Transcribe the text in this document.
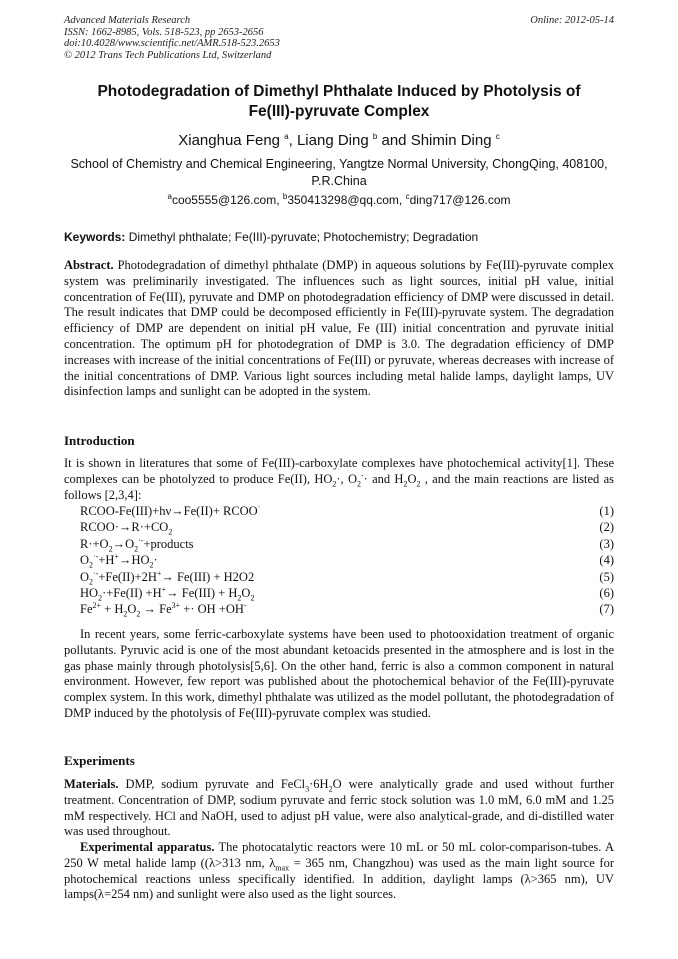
Advanced Materials Research
ISSN: 1662-8985, Vols. 518-523, pp 2653-2656
doi:10.4028/www.scientific.net/AMR.518-523.2653
© 2012 Trans Tech Publications Ltd, Switzerland
Online: 2012-05-14
Photodegradation of Dimethyl Phthalate Induced by Photolysis of
Fe(III)-pyruvate Complex
Xianghua Feng $^a$, Liang Ding $^b$ and Shimin Ding $^c$
School of Chemistry and Chemical Engineering, Yangtze Normal University, ChongQing, 408100,
P.R.China
$^a$coo5555@126.com, $^b$350413298@qq.com, $^c$ding717@126.com
Keywords: Dimethyl phthalate; Fe(III)-pyruvate; Photochemistry; Degradation
Abstract. Photodegradation of dimethyl phthalate (DMP) in aqueous solutions by Fe(III)-pyruvate complex system was preliminarily investigated. The influences such as light sources, initial pH value, initial concentration of Fe(III), pyruvate and DMP on photodegradation efficiency of DMP were discussed in detail. The result indicates that DMP could be decomposed efficiently in Fe(III)-pyruvate system. The degradation efficiency of DMP are dependent on initial pH value, Fe (III) initial concentration and pyruvate initial concentration. The optimum pH for photodegration of DMP is 3.0. The degradation efficiency of DMP increases with increase of the initial concentrations of Fe(III) or pyruvate, whereas decreases with increase of the initial concentrations of DMP. Various light sources including metal halide lamps, daylight lamps, UV disinfection lamps and sunlight can be adopted in the system.
Introduction
It is shown in literatures that some of Fe(III)-carboxylate complexes have photochemical activity[1]. These complexes can be photolyzed to produce Fe(II), $HO_2\cdot$, $O_2^-\cdot$ and $H_2O_2$ , and the main reactions are listed as follows [2,3,4]:
RCOO-Fe(III)+hν→Fe(II)+ RCOO·	(1)
$RCOO\cdot\to R\cdot+CO_2$	(2)
$R\cdot+O_2\to O_2^{\cdot-}+products$	(3)
$O_2^{\cdot-}+H^+\to HO_2\cdot$	(4)
$O_2^{\cdot-}+Fe(II)+2H^+\to Fe(III) + H2O2$	(5)
$HO_2\cdot+Fe(II) +H^+\to Fe(III) + H_2O_2$	(6)
$Fe^{2+} + H_2O_2 \to Fe^{3+}$ +· OH +OH-	(7)
In recent years, some ferric-carboxylate systems have been used to photooxidation treatment of organic pollutants. Pyruvic acid is one of the most abundant ketoacids presented in the atmosphere and is lost in the gas phase mainly through photolysis[5,6]. On the other hand, ferric is also a common component in natural environment. However, few report was published about the photochemical behavior of the Fe(III)-pyruvate complex system. In this work, dimethyl phthalate was utilized as the model pollutant, the photodegradation of DMP induced by the photolysis of Fe(III)-pyruvate complex was studied.
Experiments
Materials. DMP, sodium pyruvate and $FeCl_3\cdot 6H_2O$ were analytically grade and used without further treatment. Concentration of DMP, sodium pyruvate and ferric stock solution was 1.0 mM, 6.0 mM and 1.25 mM respectively. HCl and NaOH, used to adjust pH value, were also analytical-grade, and di-distilled water was used throughout.
Experimental apparatus. The photocatalytic reactors were 10 mL or 50 mL color-comparison-tubes. A 250 W metal halide lamp ((λ>313 nm, $\lambda_{max} = 365$ nm, Changzhou) was used as the main light source for photochemical reactions unless specifically identified. In addition, daylight lamps (λ>365 nm), UV lamps(λ=254 nm) and sunlight were also used as the light sources.
